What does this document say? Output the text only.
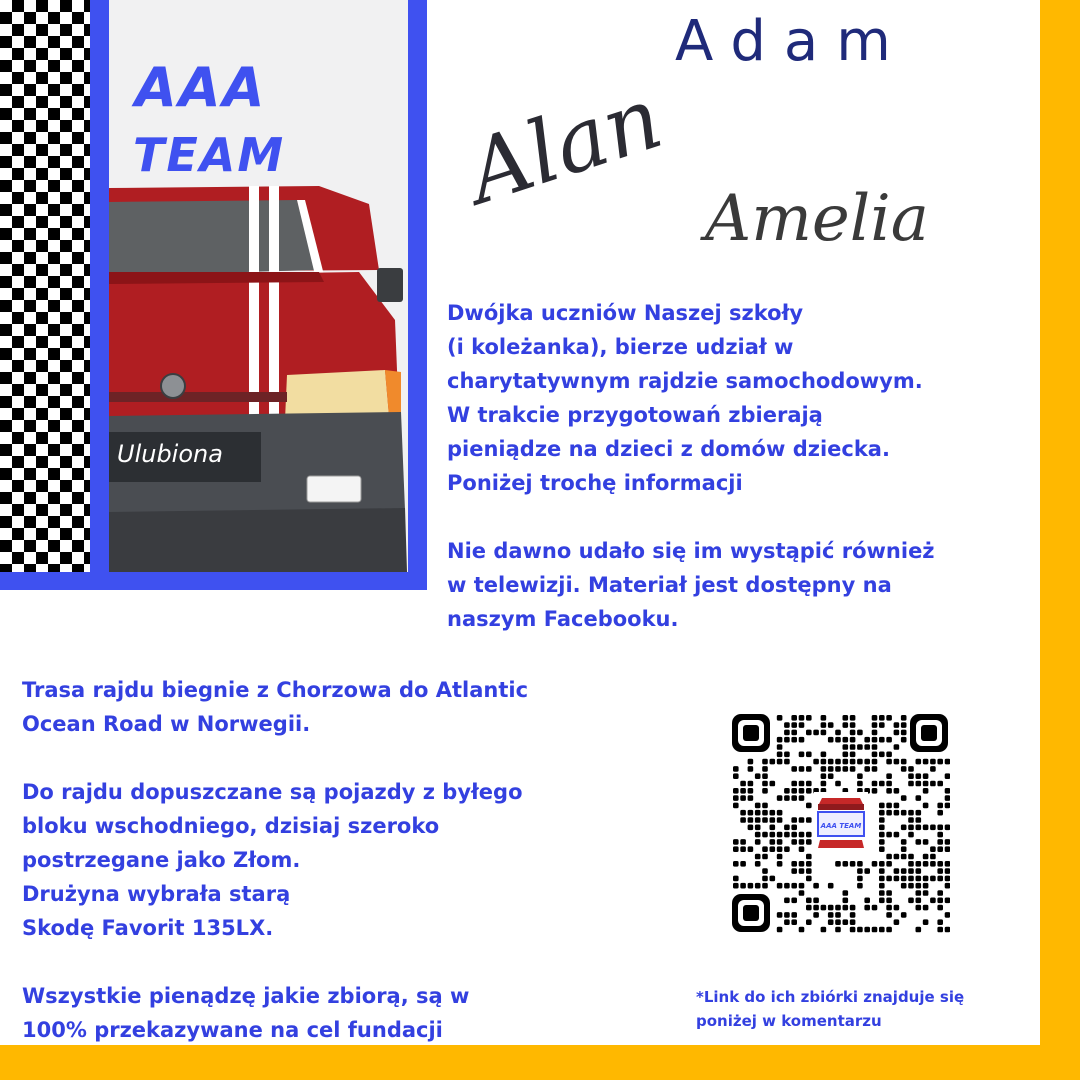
AAA
TEAM
Ulubiona
Alan
Adam
Amelia

Dwójka uczniów Naszej szkoły

(i koleżanka), bierze udział w

charytatywnym rajdzie samochodowym.

W trakcie przygotowań zbierają

pieniądze na dzieci z domów dziecka.

Poniżej trochę informacji

Nie dawno udało się im wystąpić również

w telewizji. Materiał jest dostępny na

naszym Facebooku.

Trasa rajdu biegnie z Chorzowa do Atlantic

Ocean Road w Norwegii.

Do rajdu dopuszczane są pojazdy z byłego

bloku wschodniego, dzisiaj szeroko

postrzegane jako Złom.

Drużyna wybrała starą

Skodę Favorit 135LX.

Wszystkie pienądzę jakie zbiorą, są w

100% przekazywane na cel fundacji

AAA TEAM
*Link do ich zbiórki znajduje się
poniżej w komentarzu
